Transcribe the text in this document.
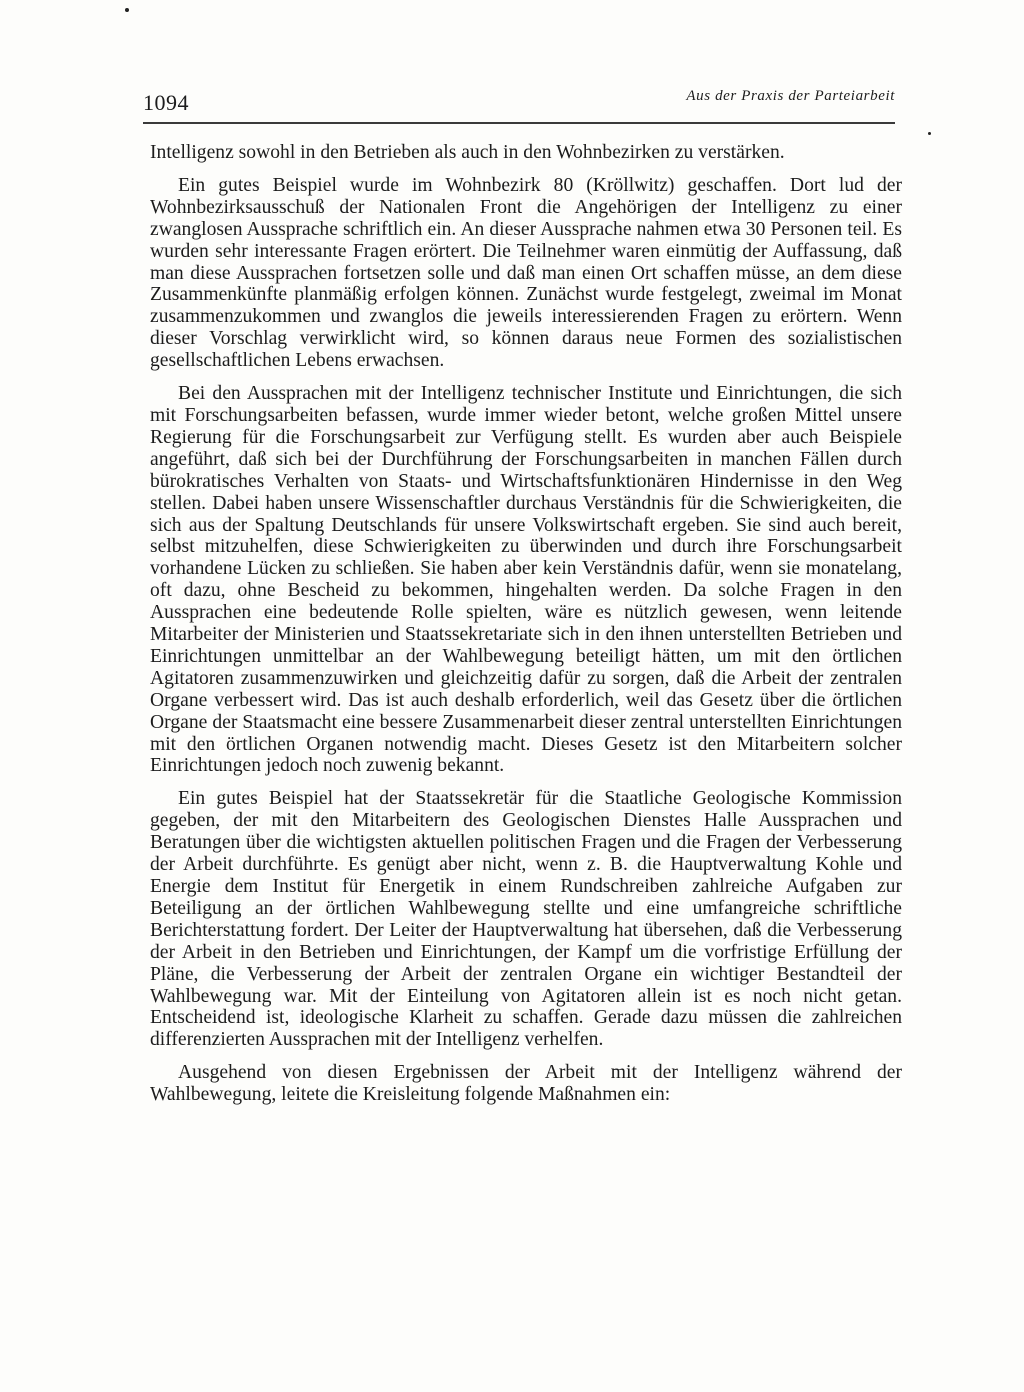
1094	Aus der Praxis der Parteiarbeit

Intelligenz sowohl in den Betrieben als auch in den Wohnbezirken zu verstärken.

Ein gutes Beispiel wurde im Wohnbezirk 80 (Kröllwitz) geschaffen. Dort lud der Wohnbezirksausschuß der Nationalen Front die Angehörigen der Intelligenz zu einer zwanglosen Aussprache schriftlich ein. An dieser Aussprache nahmen etwa 30 Personen teil. Es wurden sehr interessante Fragen erörtert. Die Teilnehmer waren einmütig der Auffassung, daß man diese Aussprachen fortsetzen solle und daß man einen Ort schaffen müsse, an dem diese Zusammenkünfte planmäßig erfolgen können. Zunächst wurde festgelegt, zweimal im Monat zusammenzukommen und zwanglos die jeweils interessierenden Fragen zu erörtern. Wenn dieser Vorschlag verwirklicht wird, so können daraus neue Formen des sozialistischen gesellschaftlichen Lebens erwachsen.

Bei den Aussprachen mit der Intelligenz technischer Institute und Einrichtungen, die sich mit Forschungsarbeiten befassen, wurde immer wieder betont, welche großen Mittel unsere Regierung für die Forschungsarbeit zur Verfügung stellt. Es wurden aber auch Beispiele angeführt, daß sich bei der Durchführung der Forschungsarbeiten in manchen Fällen durch bürokratisches Verhalten von Staats- und Wirtschaftsfunktionären Hindernisse in den Weg stellen. Dabei haben unsere Wissenschaftler durchaus Verständnis für die Schwierigkeiten, die sich aus der Spaltung Deutschlands für unsere Volkswirtschaft ergeben. Sie sind auch bereit, selbst mitzuhelfen, diese Schwierigkeiten zu überwinden und durch ihre Forschungsarbeit vorhandene Lücken zu schließen. Sie haben aber kein Verständnis dafür, wenn sie monatelang, oft dazu, ohne Bescheid zu bekommen, hingehalten werden. Da solche Fragen in den Aussprachen eine bedeutende Rolle spielten, wäre es nützlich gewesen, wenn leitende Mitarbeiter der Ministerien und Staatssekretariate sich in den ihnen unterstellten Betrieben und Einrichtungen unmittelbar an der Wahlbewegung beteiligt hätten, um mit den örtlichen Agitatoren zusammenzuwirken und gleichzeitig dafür zu sorgen, daß die Arbeit der zentralen Organe verbessert wird. Das ist auch deshalb erforderlich, weil das Gesetz über die örtlichen Organe der Staatsmacht eine bessere Zusammenarbeit dieser zentral unterstellten Einrichtungen mit den örtlichen Organen notwendig macht. Dieses Gesetz ist den Mitarbeitern solcher Einrichtungen jedoch noch zuwenig bekannt.

Ein gutes Beispiel hat der Staatssekretär für die Staatliche Geologische Kommission gegeben, der mit den Mitarbeitern des Geologischen Dienstes Halle Aussprachen und Beratungen über die wichtigsten aktuellen politischen Fragen und die Fragen der Verbesserung der Arbeit durchführte. Es genügt aber nicht, wenn z. B. die Hauptverwaltung Kohle und Energie dem Institut für Energetik in einem Rundschreiben zahlreiche Aufgaben zur Beteiligung an der örtlichen Wahlbewegung stellte und eine umfangreiche schriftliche Berichterstattung fordert. Der Leiter der Hauptverwaltung hat übersehen, daß die Verbesserung der Arbeit in den Betrieben und Einrichtungen, der Kampf um die vorfristige Erfüllung der Pläne, die Verbesserung der Arbeit der zentralen Organe ein wichtiger Bestandteil der Wahlbewegung war. Mit der Einteilung von Agitatoren allein ist es noch nicht getan. Entscheidend ist, ideologische Klarheit zu schaffen. Gerade dazu müssen die zahlreichen differenzierten Aussprachen mit der Intelligenz verhelfen.

Ausgehend von diesen Ergebnissen der Arbeit mit der Intelligenz während der Wahlbewegung, leitete die Kreisleitung folgende Maßnahmen ein:
